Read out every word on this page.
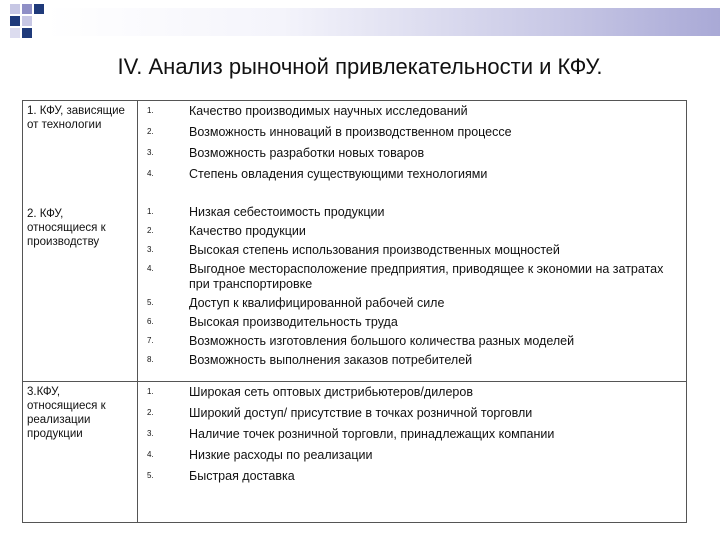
IV. Анализ рыночной привлекательности и КФУ.
1. КФУ, зависящие от технологии
1.	Качество производимых научных исследований
2.	Возможность инноваций в производственном процессе
3.	Возможность разработки новых товаров
4.	Степень овладения существующими технологиями
2. КФУ, относящиеся к производству
1.	Низкая себестоимость продукции
2.	Качество продукции
3.	Высокая степень использования производственных мощностей
4.	Выгодное месторасположение предприятия, приводящее к экономии на затратах при транспортировке
5.	Доступ к квалифицированной рабочей силе
6.	Высокая производительность труда
7.	Возможность изготовления большого количества разных моделей
8.	Возможность выполнения заказов потребителей
3.КФУ, относящиеся к реализации продукции
1.	Широкая сеть оптовых дистрибьютеров/дилеров
2.	Широкий доступ/ присутствие в точках розничной торговли
3.	Наличие точек розничной торговли, принадлежащих компании
4.	Низкие расходы по реализации
5.	Быстрая доставка
